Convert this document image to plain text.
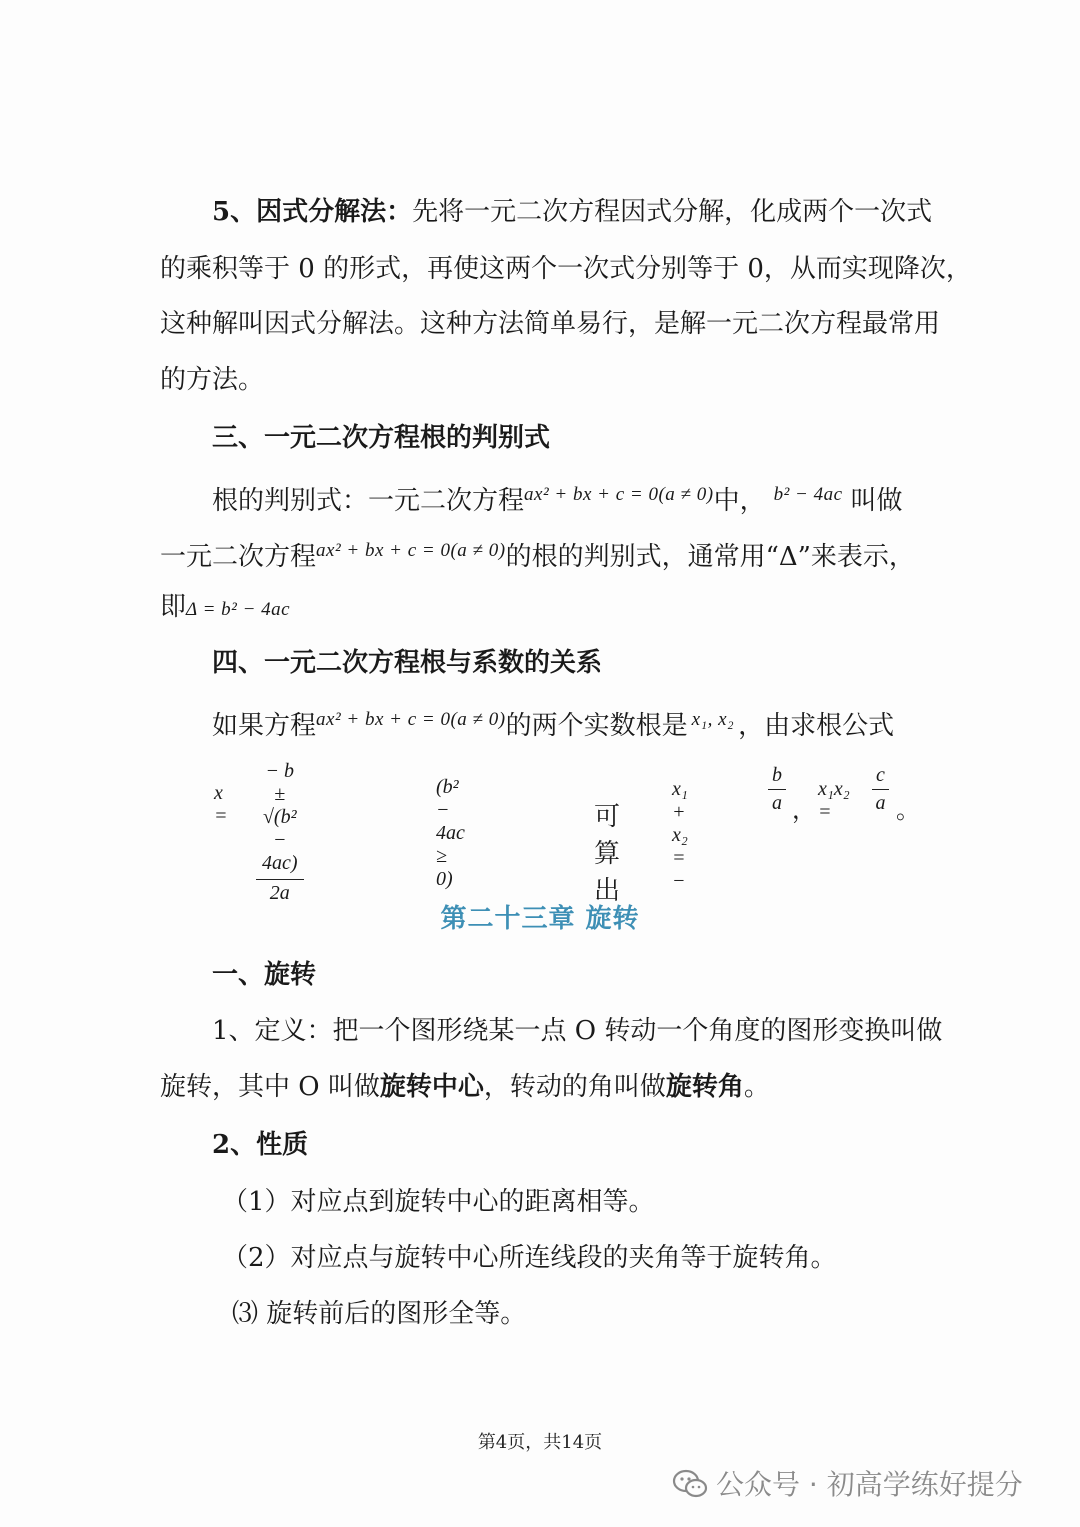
5、因式分解法：先将一元二次方程因式分解，化成两个一次式
的乘积等于 0 的形式，再使这两个一次式分别等于 0，从而实现降次，
这种解叫因式分解法。这种方法简单易行，是解一元二次方程最常用
的方法。
三、一元二次方程根的判别式
根的判别式：一元二次方程$^{ax^2 + bx + c = 0(a \ne 0)}$中， $^{b^2 - 4ac}$ 叫做
一元二次方程$^{ax^2 + bx + c = 0(a \ne 0)}$的根的判别式，通常用“Δ”来表示，
即Δ = b² − 4ac
四、一元二次方程根与系数的关系
如果方程$^{ax^2 + bx + c = 0(a \ne 0)}$的两个实数根是 $^{x_1, x_2}$ ，由求根公式
$x = \frac{\text{− b ± √(b² − 4ac)}}{2a}$	(b² − 4ac ≥ 0)
可算出
x₁ + x₂ = −
$\frac{b}{a}$ ，
x₁x₂ =	$\frac{c}{a}$ 。
第二十三章 旋转
一、旋转
1、定义：把一个图形绕某一点 O 转动一个角度的图形变换叫做
旋转，其中 O 叫做旋转中心，转动的角叫做旋转角。
2、性质
（1）对应点到旋转中心的距离相等。
（2）对应点与旋转中心所连线段的夹角等于旋转角。
⑶ 旋转前后的图形全等。
第4页，共14页
公众号 · 初高学练好提分
